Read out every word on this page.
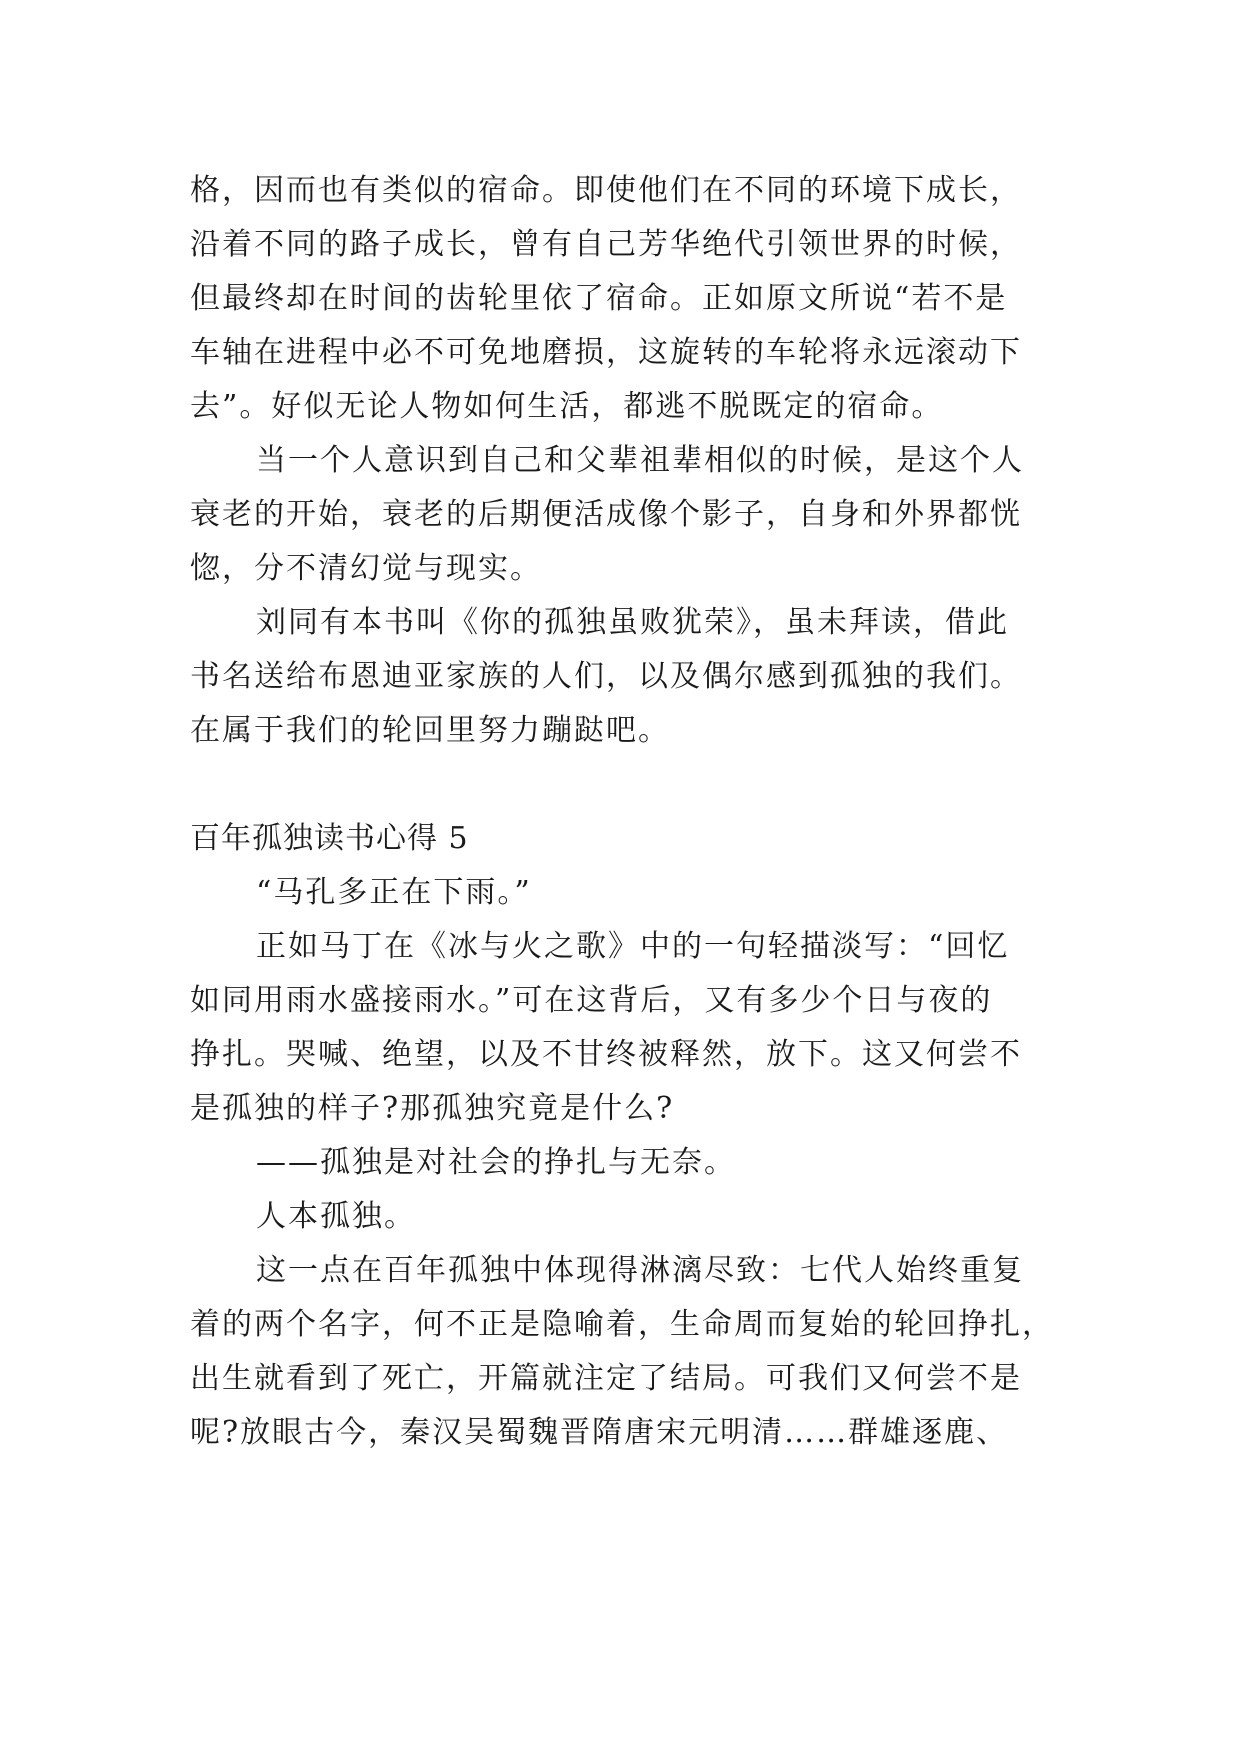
格，因而也有类似的宿命。即使他们在不同的环境下成长，
沿着不同的路子成长，曾有自己芳华绝代引领世界的时候，
但最终却在时间的齿轮里依了宿命。正如原文所说“若不是
车轴在进程中必不可免地磨损，这旋转的车轮将永远滚动下
去”。好似无论人物如何生活，都逃不脱既定的宿命。
当一个人意识到自己和父辈祖辈相似的时候，是这个人
衰老的开始，衰老的后期便活成像个影子，自身和外界都恍
惚，分不清幻觉与现实。
刘同有本书叫《你的孤独虽败犹荣》，虽未拜读，借此
书名送给布恩迪亚家族的人们，以及偶尔感到孤独的我们。
在属于我们的轮回里努力蹦跶吧。
百年孤独读书心得 5
“马孔多正在下雨。”
正如马丁在《冰与火之歌》中的一句轻描淡写：“回忆
如同用雨水盛接雨水。”可在这背后，又有多少个日与夜的
挣扎。哭喊、绝望，以及不甘终被释然，放下。这又何尝不
是孤独的样子?那孤独究竟是什么?
——孤独是对社会的挣扎与无奈。
人本孤独。
这一点在百年孤独中体现得淋漓尽致：七代人始终重复
着的两个名字，何不正是隐喻着，生命周而复始的轮回挣扎，
出生就看到了死亡，开篇就注定了结局。可我们又何尝不是
呢?放眼古今，秦汉吴蜀魏晋隋唐宋元明清……群雄逐鹿、
